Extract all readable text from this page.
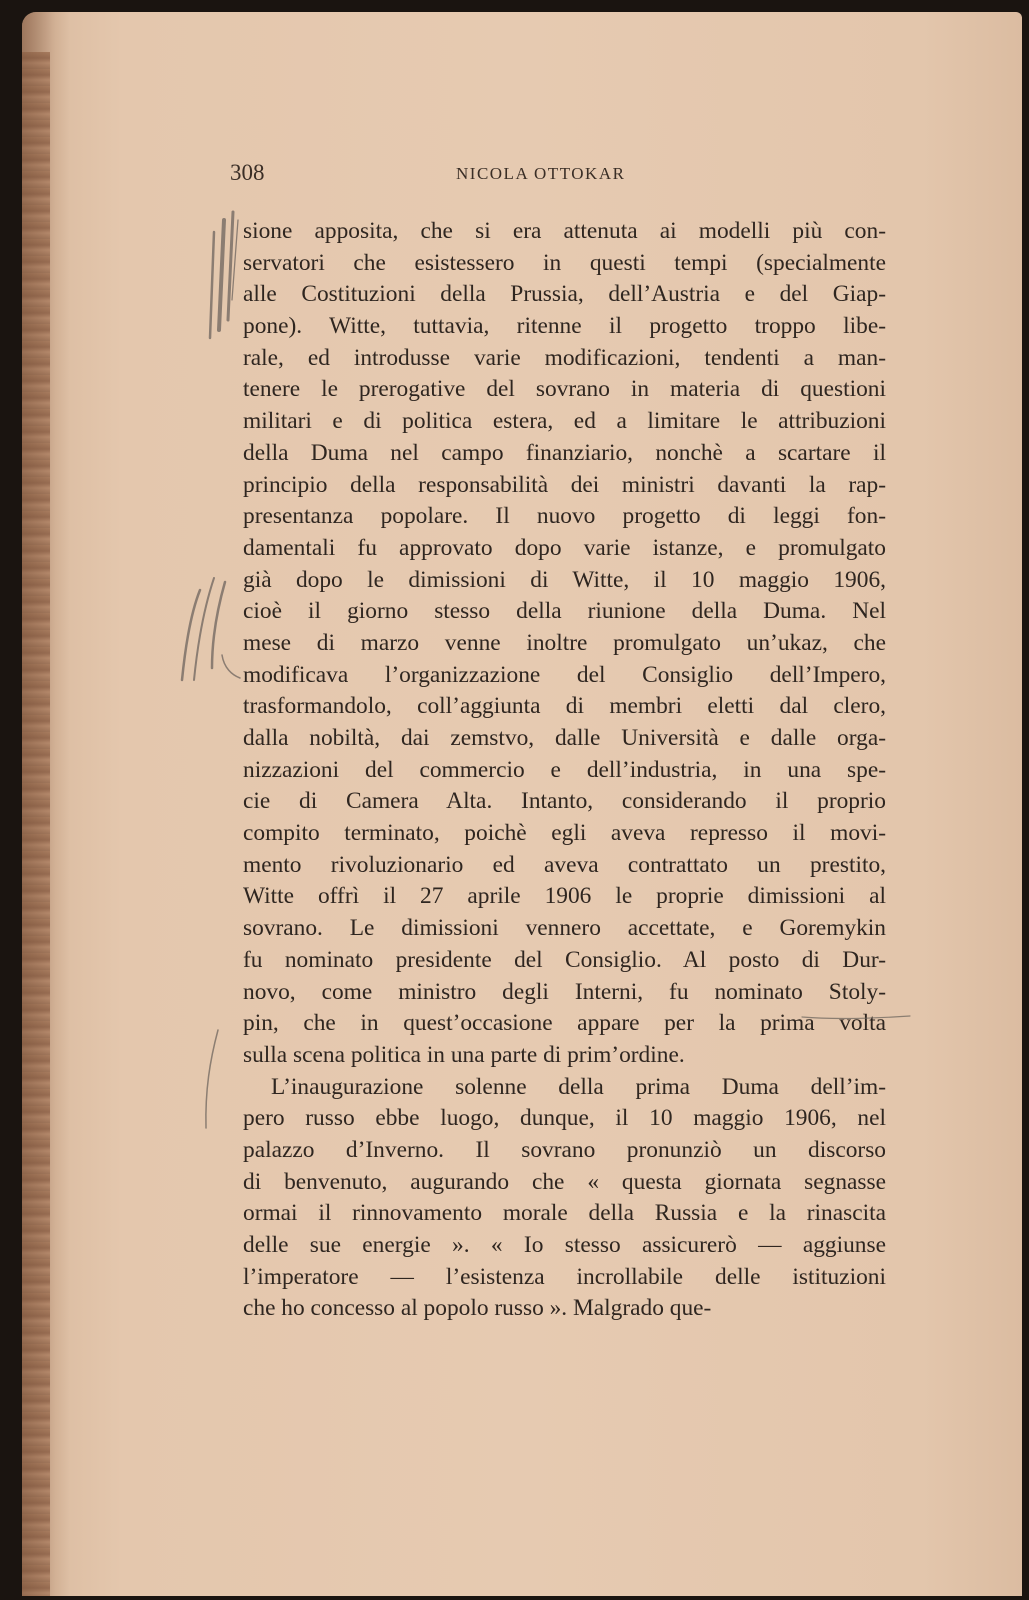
308	NICOLA OTTOKAR
sione apposita, che si era attenuta ai modelli più con-
servatori che esistessero in questi tempi (specialmente
alle Costituzioni della Prussia, dell’Austria e del Giap-
pone). Witte, tuttavia, ritenne il progetto troppo libe-
rale, ed introdusse varie modificazioni, tendenti a man-
tenere le prerogative del sovrano in materia di questioni
militari e di politica estera, ed a limitare le attribuzioni
della Duma nel campo finanziario, nonchè a scartare il
principio della responsabilità dei ministri davanti la rap-
presentanza popolare. Il nuovo progetto di leggi fon-
damentali fu approvato dopo varie istanze, e promulgato
già dopo le dimissioni di Witte, il 10 maggio 1906,
cioè il giorno stesso della riunione della Duma. Nel
mese di marzo venne inoltre promulgato un’ukaz, che
modificava l’organizzazione del Consiglio dell’Impero,
trasformandolo, coll’aggiunta di membri eletti dal clero,
dalla nobiltà, dai zemstvo, dalle Università e dalle orga-
nizzazioni del commercio e dell’industria, in una spe-
cie di Camera Alta. Intanto, considerando il proprio
compito terminato, poichè egli aveva represso il movi-
mento rivoluzionario ed aveva contrattato un prestito,
Witte offrì il 27 aprile 1906 le proprie dimissioni al
sovrano. Le dimissioni vennero accettate, e Goremykin
fu nominato presidente del Consiglio. Al posto di Dur-
novo, come ministro degli Interni, fu nominato Stoly-
pin, che in quest’occasione appare per la prima volta
sulla scena politica in una parte di prim’ordine.
L’inaugurazione solenne della prima Duma dell’im-
pero russo ebbe luogo, dunque, il 10 maggio 1906, nel
palazzo d’Inverno. Il sovrano pronunziò un discorso
di benvenuto, augurando che « questa giornata segnasse
ormai il rinnovamento morale della Russia e la rinascita
delle sue energie ». « Io stesso assicurerò — aggiunse
l’imperatore — l’esistenza incrollabile delle istituzioni
che ho concesso al popolo russo ». Malgrado que-
